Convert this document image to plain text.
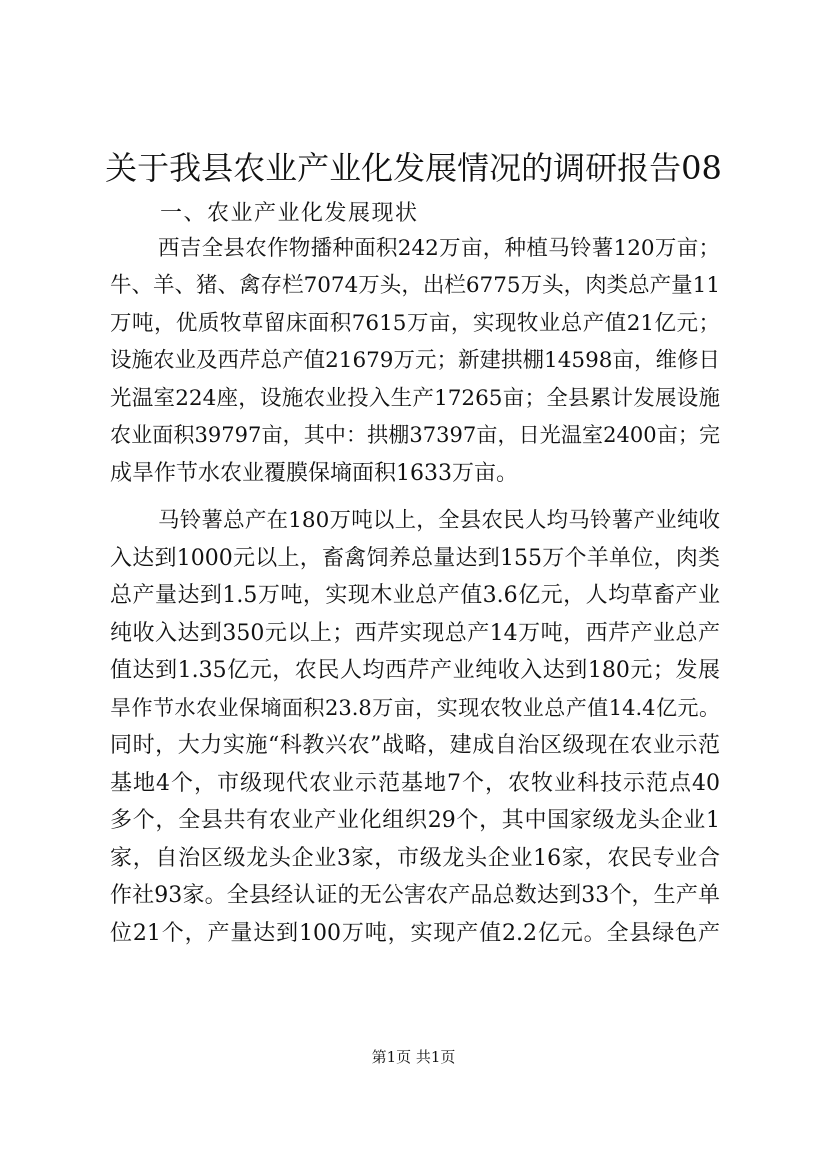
关于我县农业产业化发展情况的调研报告08
一、农业产业化发展现状
西吉全县农作物播种面积242万亩，种植马铃薯120万亩；
牛、羊、猪、禽存栏7074万头，出栏6775万头，肉类总产量11
万吨，优质牧草留床面积7615万亩，实现牧业总产值21亿元；
设施农业及西芹总产值21679万元；新建拱棚14598亩，维修日
光温室224座，设施农业投入生产17265亩；全县累计发展设施
农业面积39797亩，其中：拱棚37397亩，日光温室2400亩；完
成旱作节水农业覆膜保墒面积1633万亩。
马铃薯总产在180万吨以上，全县农民人均马铃薯产业纯收
入达到1000元以上，畜禽饲养总量达到155万个羊单位，肉类
总产量达到1.5万吨，实现木业总产值3.6亿元，人均草畜产业
纯收入达到350元以上；西芹实现总产14万吨，西芹产业总产
值达到1.35亿元，农民人均西芹产业纯收入达到180元；发展
旱作节水农业保墒面积23.8万亩，实现农牧业总产值14.4亿元。
同时，大力实施“科教兴农”战略，建成自治区级现在农业示范
基地4个，市级现代农业示范基地7个，农牧业科技示范点40
多个，全县共有农业产业化组织29个，其中国家级龙头企业1
家，自治区级龙头企业3家，市级龙头企业16家，农民专业合
作社93家。全县经认证的无公害农产品总数达到33个，生产单
位21个，产量达到100万吨，实现产值2.2亿元。全县绿色产
第1页 共1页
